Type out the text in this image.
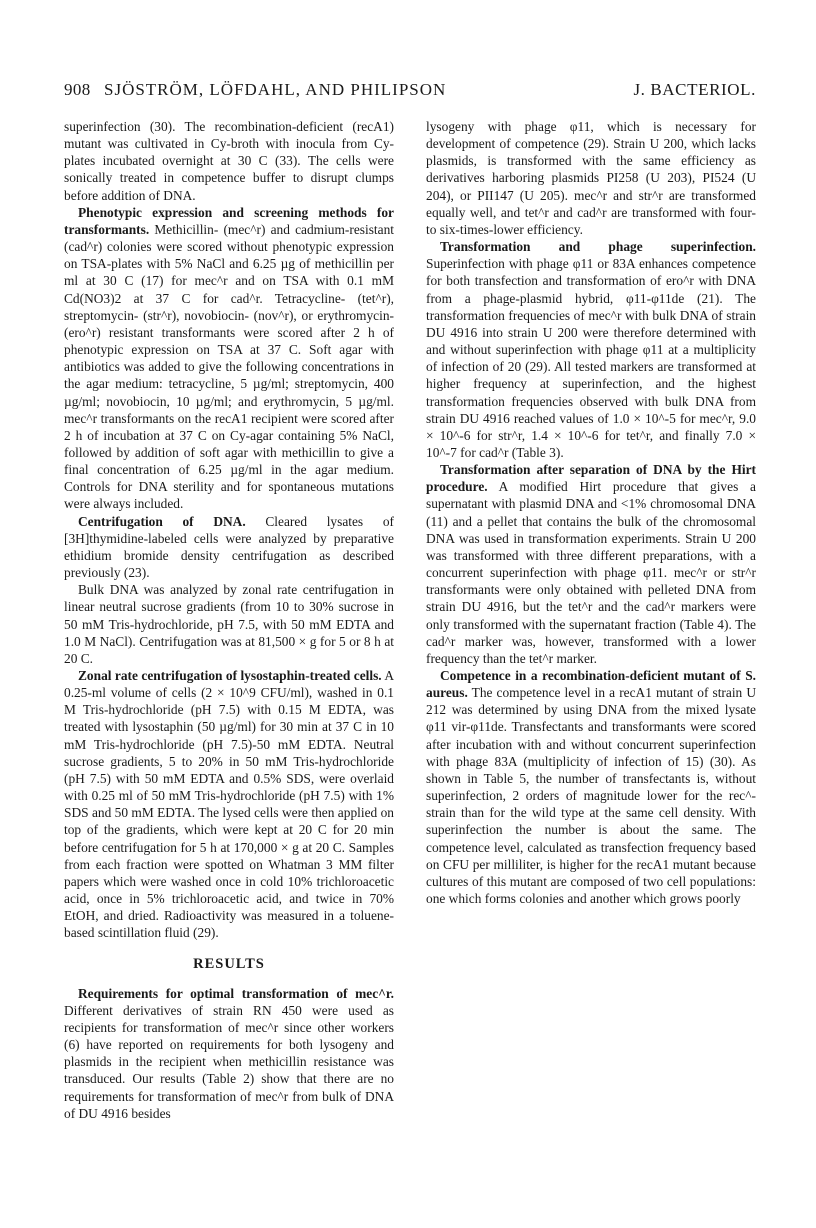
908 SJÖSTRÖM, LÖFDAHL, AND PHILIPSON	J. BACTERIOL.

superinfection (30). The recombination-deficient (recA1) mutant was cultivated in Cy-broth with inocula from Cy-plates incubated overnight at 30 C (33). The cells were sonically treated in competence buffer to disrupt clumps before addition of DNA.

Phenotypic expression and screening methods for transformants. Methicillin- (mec^r) and cadmium-resistant (cad^r) colonies were scored without phenotypic expression on TSA-plates with 5% NaCl and 6.25 µg of methicillin per ml at 30 C (17) for mec^r and on TSA with 0.1 mM Cd(NO3)2 at 37 C for cad^r. Tetracycline- (tet^r), streptomycin- (str^r), novobiocin- (nov^r), or erythromycin- (ero^r) resistant transformants were scored after 2 h of phenotypic expression on TSA at 37 C. Soft agar with antibiotics was added to give the following concentrations in the agar medium: tetracycline, 5 µg/ml; streptomycin, 400 µg/ml; novobiocin, 10 µg/ml; and erythromycin, 5 µg/ml. mec^r transformants on the recA1 recipient were scored after 2 h of incubation at 37 C on Cy-agar containing 5% NaCl, followed by addition of soft agar with methicillin to give a final concentration of 6.25 µg/ml in the agar medium. Controls for DNA sterility and for spontaneous mutations were always included.

Centrifugation of DNA. Cleared lysates of [3H]thymidine-labeled cells were analyzed by preparative ethidium bromide density centrifugation as described previously (23).

Bulk DNA was analyzed by zonal rate centrifugation in linear neutral sucrose gradients (from 10 to 30% sucrose in 50 mM Tris-hydrochloride, pH 7.5, with 50 mM EDTA and 1.0 M NaCl). Centrifugation was at 81,500 × g for 5 or 8 h at 20 C.

Zonal rate centrifugation of lysostaphin-treated cells. A 0.25-ml volume of cells (2 × 10^9 CFU/ml), washed in 0.1 M Tris-hydrochloride (pH 7.5) with 0.15 M EDTA, was treated with lysostaphin (50 µg/ml) for 30 min at 37 C in 10 mM Tris-hydrochloride (pH 7.5)-50 mM EDTA. Neutral sucrose gradients, 5 to 20% in 50 mM Tris-hydrochloride (pH 7.5) with 50 mM EDTA and 0.5% SDS, were overlaid with 0.25 ml of 50 mM Tris-hydrochloride (pH 7.5) with 1% SDS and 50 mM EDTA. The lysed cells were then applied on top of the gradients, which were kept at 20 C for 20 min before centrifugation for 5 h at 170,000 × g at 20 C. Samples from each fraction were spotted on Whatman 3 MM filter papers which were washed once in cold 10% trichloroacetic acid, once in 5% trichloroacetic acid, and twice in 70% EtOH, and dried. Radioactivity was measured in a toluene-based scintillation fluid (29).

RESULTS

Requirements for optimal transformation of mec^r. Different derivatives of strain RN 450 were used as recipients for transformation of mec^r since other workers (6) have reported on requirements for both lysogeny and plasmids in the recipient when methicillin resistance was transduced. Our results (Table 2) show that there are no requirements for transformation of mec^r from bulk of DNA of DU 4916 besides

lysogeny with phage φ11, which is necessary for development of competence (29). Strain U 200, which lacks plasmids, is transformed with the same efficiency as derivatives harboring plasmids PI258 (U 203), PI524 (U 204), or PII147 (U 205). mec^r and str^r are transformed equally well, and tet^r and cad^r are transformed with four- to six-times-lower efficiency.

Transformation and phage superinfection. Superinfection with phage φ11 or 83A enhances competence for both transfection and transformation of ero^r with DNA from a phage-plasmid hybrid, φ11-φ11de (21). The transformation frequencies of mec^r with bulk DNA of strain DU 4916 into strain U 200 were therefore determined with and without superinfection with phage φ11 at a multiplicity of infection of 20 (29). All tested markers are transformed at higher frequency at superinfection, and the highest transformation frequencies observed with bulk DNA from strain DU 4916 reached values of 1.0 × 10^-5 for mec^r, 9.0 × 10^-6 for str^r, 1.4 × 10^-6 for tet^r, and finally 7.0 × 10^-7 for cad^r (Table 3).

Transformation after separation of DNA by the Hirt procedure. A modified Hirt procedure that gives a supernatant with plasmid DNA and <1% chromosomal DNA (11) and a pellet that contains the bulk of the chromosomal DNA was used in transformation experiments. Strain U 200 was transformed with three different preparations, with a concurrent superinfection with phage φ11. mec^r or str^r transformants were only obtained with pelleted DNA from strain DU 4916, but the tet^r and the cad^r markers were only transformed with the supernatant fraction (Table 4). The cad^r marker was, however, transformed with a lower frequency than the tet^r marker.

Competence in a recombination-deficient mutant of S. aureus. The competence level in a recA1 mutant of strain U 212 was determined by using DNA from the mixed lysate φ11 vir-φ11de. Transfectants and transformants were scored after incubation with and without concurrent superinfection with phage 83A (multiplicity of infection of 15) (30). As shown in Table 5, the number of transfectants is, without superinfection, 2 orders of magnitude lower for the rec^- strain than for the wild type at the same cell density. With superinfection the number is about the same. The competence level, calculated as transfection frequency based on CFU per milliliter, is higher for the recA1 mutant because cultures of this mutant are composed of two cell populations: one which forms colonies and another which grows poorly
